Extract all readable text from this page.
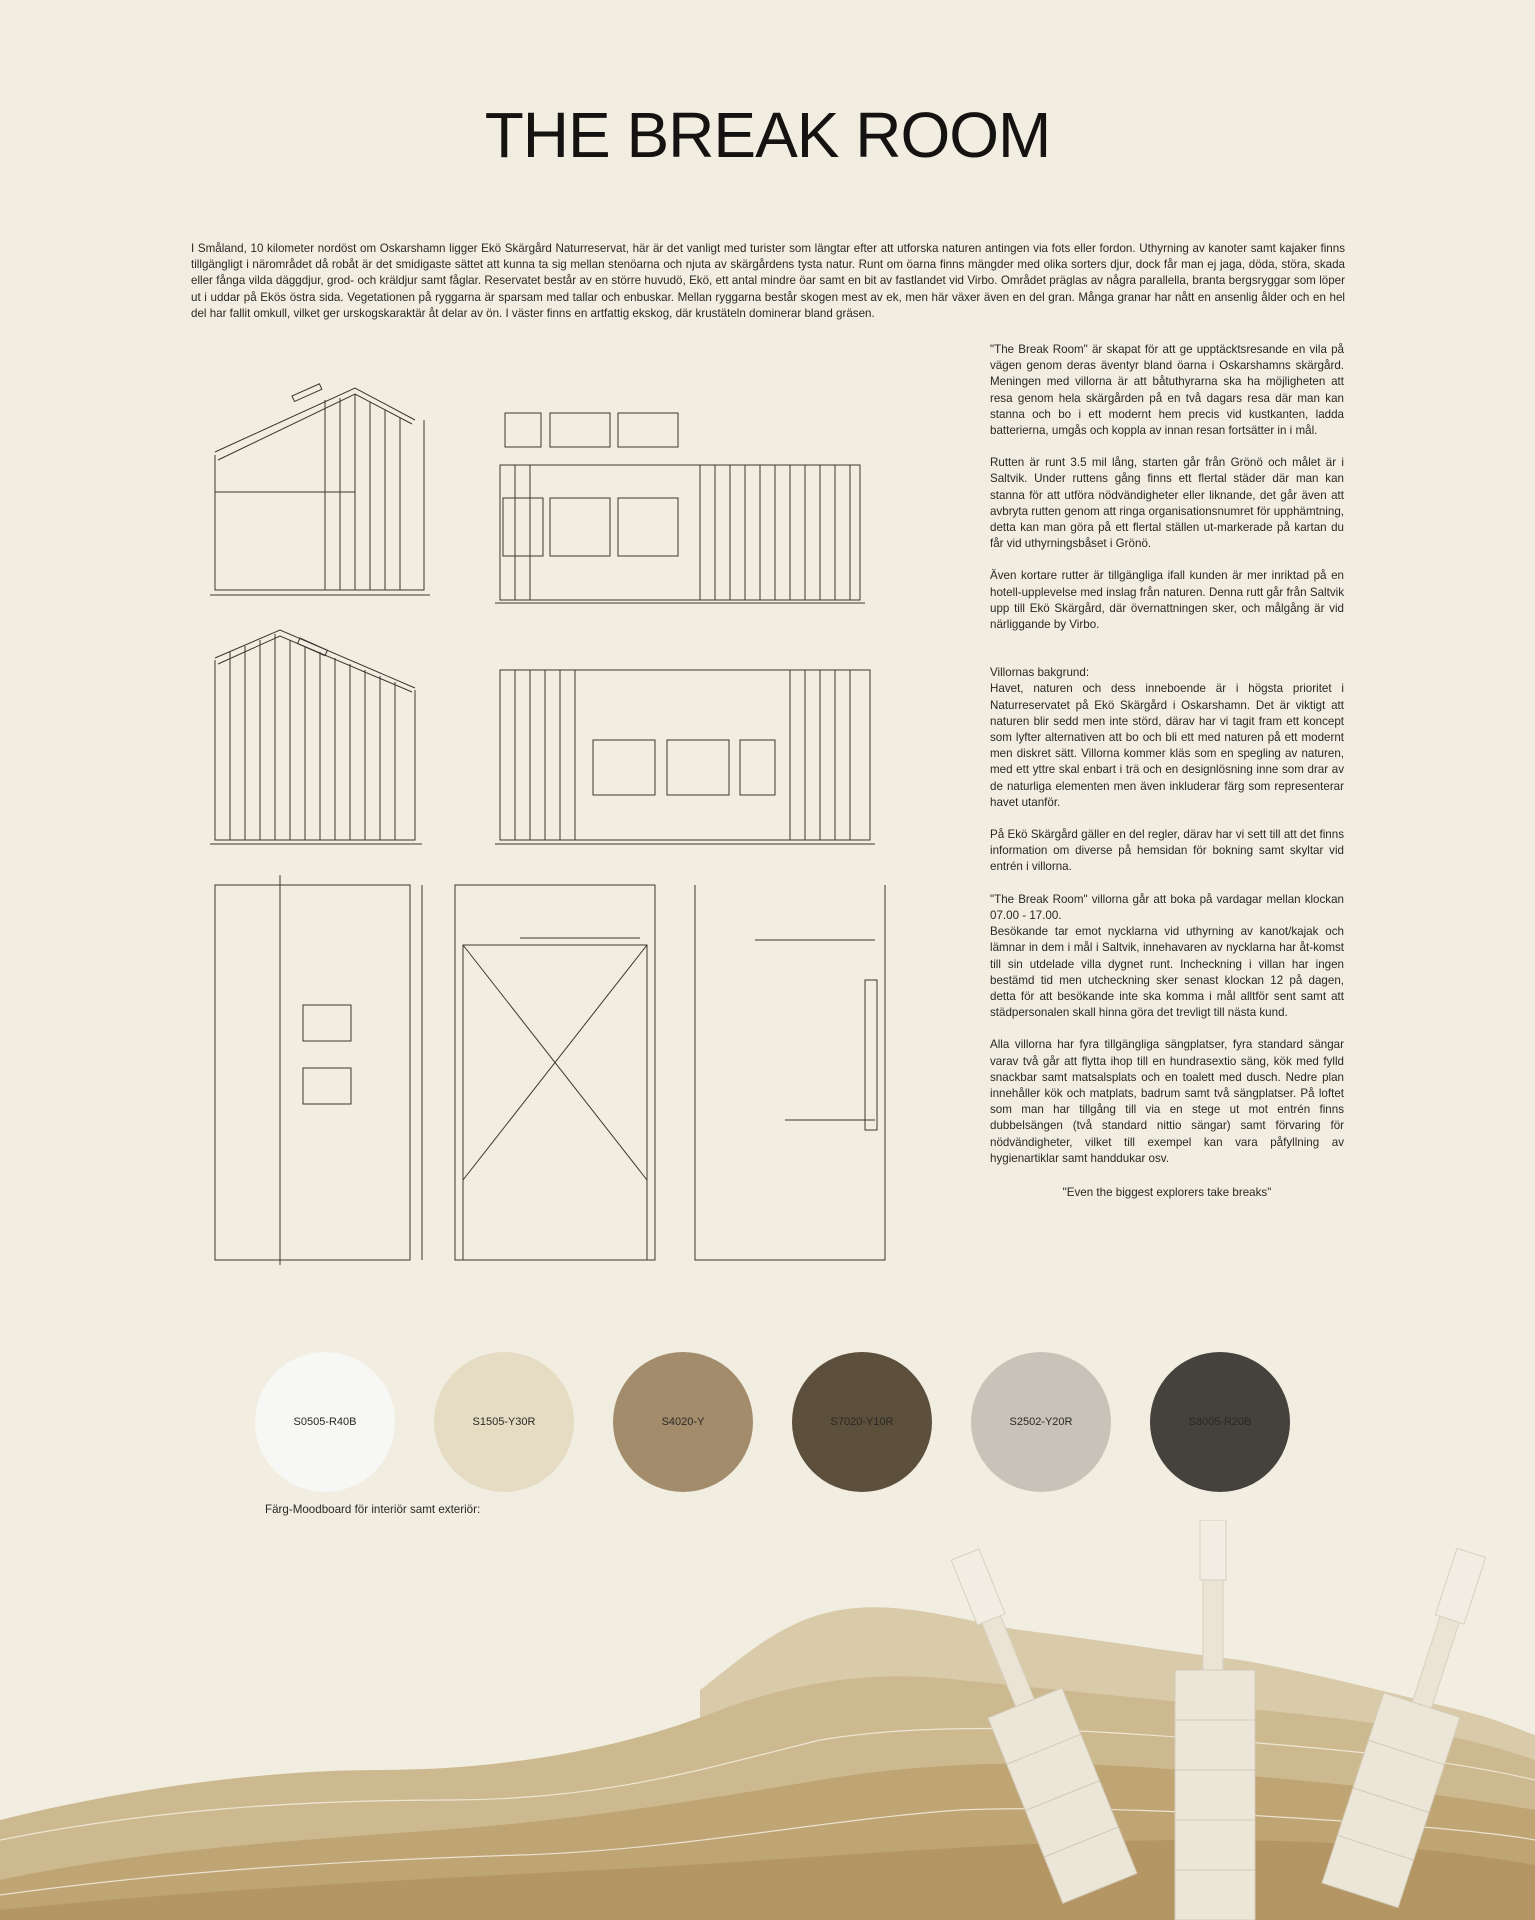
THE BREAK ROOM

I Småland, 10 kilometer nordöst om Oskarshamn ligger Ekö Skärgård Naturreservat, här är det vanligt med turister som längtar efter att utforska naturen antingen via fots eller fordon. Uthyrning av kanoter samt kajaker finns tillgängligt i närområdet då robåt är det smidigaste sättet att kunna ta sig mellan stenöarna och njuta av skärgårdens tysta natur. Runt om öarna finns mängder med olika sorters djur, dock får man ej jaga, döda, störa, skada eller fånga vilda däggdjur, grod- och kräldjur samt fåglar. Reservatet består av en större huvudö, Ekö, ett antal mindre öar samt en bit av fastlandet vid Virbo. Området präglas av några parallella, branta bergsryggar som löper ut i uddar på Ekös östra sida. Vegetationen på ryggarna är sparsam med tallar och enbuskar. Mellan ryggarna består skogen mest av ek, men här växer även en del gran. Många granar har nått en ansenlig ålder och en hel del har fallit omkull, vilket ger urskogskaraktär åt delar av ön. I väster finns en artfattig ekskog, där krustäteln dominerar bland gräsen.

"The Break Room" är skapat för att ge upptäcktsresande en vila på vägen genom deras äventyr bland öarna i Oskarshamns skärgård. Meningen med villorna är att båtuthyrarna ska ha möjligheten att resa genom hela skärgården på en två dagars resa där man kan stanna och bo i ett modernt hem precis vid kustkanten, ladda batterierna, umgås och koppla av innan resan fortsätter in i mål.

Rutten är runt 3.5 mil lång, starten går från Grönö och målet är i Saltvik. Under ruttens gång finns ett flertal städer där man kan stanna för att utföra nödvändigheter eller liknande, det går även att avbryta rutten genom att ringa organisationsnumret för upphämtning, detta kan man göra på ett flertal ställen ut-markerade på kartan du får vid uthyrningsbåset i Grönö.

Även kortare rutter är tillgängliga ifall kunden är mer inriktad på en hotell-upplevelse med inslag från naturen. Denna rutt går från Saltvik upp till Ekö Skärgård, där övernattningen sker, och målgång är vid närliggande by Virbo.

Villornas bakgrund:
Havet, naturen och dess inneboende är i högsta prioritet i Naturreservatet på Ekö Skärgård i Oskarshamn. Det är viktigt att naturen blir sedd men inte störd, därav har vi tagit fram ett koncept som lyfter alternativen att bo och bli ett med naturen på ett modernt men diskret sätt. Villorna kommer kläs som en spegling av naturen, med ett yttre skal enbart i trä och en designlösning inne som drar av de naturliga elementen men även inkluderar färg som representerar havet utanför.

På Ekö Skärgård gäller en del regler, därav har vi sett till att det finns information om diverse på hemsidan för bokning samt skyltar vid entrén i villorna.

"The Break Room" villorna går att boka på vardagar mellan klockan 07.00 - 17.00.
Besökande tar emot nycklarna vid uthyrning av kanot/kajak och lämnar in dem i mål i Saltvik, innehavaren av nycklarna har åt-komst till sin utdelade villa dygnet runt. Incheckning i villan har ingen bestämd tid men utcheckning sker senast klockan 12 på dagen, detta för att besökande inte ska komma i mål alltför sent samt att städpersonalen skall hinna göra det trevligt till nästa kund.

Alla villorna har fyra tillgängliga sängplatser, fyra standard sängar varav två går att flytta ihop till en hundrasextio säng, kök med fylld snackbar samt matsalsplats och en toalett med dusch. Nedre plan innehåller kök och matplats, badrum samt två sängplatser. På loftet som man har tillgång till via en stege ut mot entrén finns dubbelsängen (två standard nittio sängar) samt förvaring för nödvändigheter, vilket till exempel kan vara påfyllning av hygienartiklar samt handdukar osv.

"Even the biggest explorers take breaks"

S0505-R40B	S1505-Y30R	S4020-Y	S7020-Y10R	S2502-Y20R	S8005-R20B

Färg-Moodboard för interiör samt exteriör:
